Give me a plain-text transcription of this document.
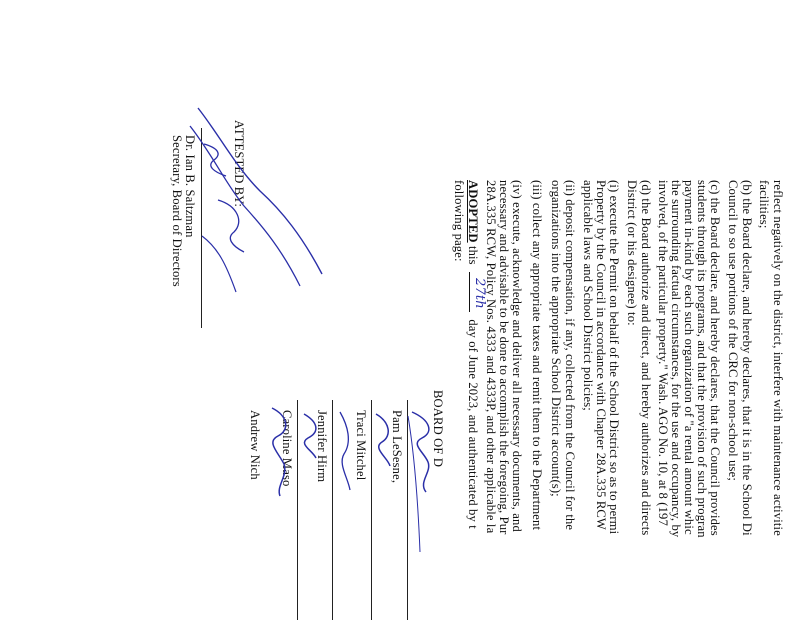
reflect negatively on the district, interfere with maintenance activitie
facilities;
(b) the Board declare, and hereby declares, that it is in the School Di
Council to so use portions of the CRC for non-school use;
(c) the Board declare, and hereby declares, that the Council provides
students through its programs, and that the provision of such progran
payment in-kind by each such organization of "a rental amount whic
the surrounding factual circumstances, for the use and occupancy, by
involved, of the particular property." Wash. AGO No. 10, at 8 (197
(d) the Board authorize and direct, and hereby authorizes and directs
District (or his designee) to:
(i) execute the Permit on behalf of the School District so as to permi
Property by the Council in accordance with Chapter 28A.335 RCW
applicable laws and School District policies;
(ii) deposit compensation, if any, collected from the Council for the
organizations into the appropriate School District account(s);
(iii) collect any appropriate taxes and remit them to the Department
(iv) execute, acknowledge and deliver all necessary documents, and
necessary and advisable to be done to accomplish the foregoing, Pur
28A.335 RCW, Policy Nos. 4333 and 4333P, and other applicable la
ADOPTED this
27th
day of June 2023, and authenticated by t
following page:
ATTESTED BY:
Dr. Ian B. Saltzman
Secretary, Board of Directors
BOARD OF D
Pam LeSesne,
Traci Mitchel
Jennifer Hirm
Caroline Maso
Andrew Nich
